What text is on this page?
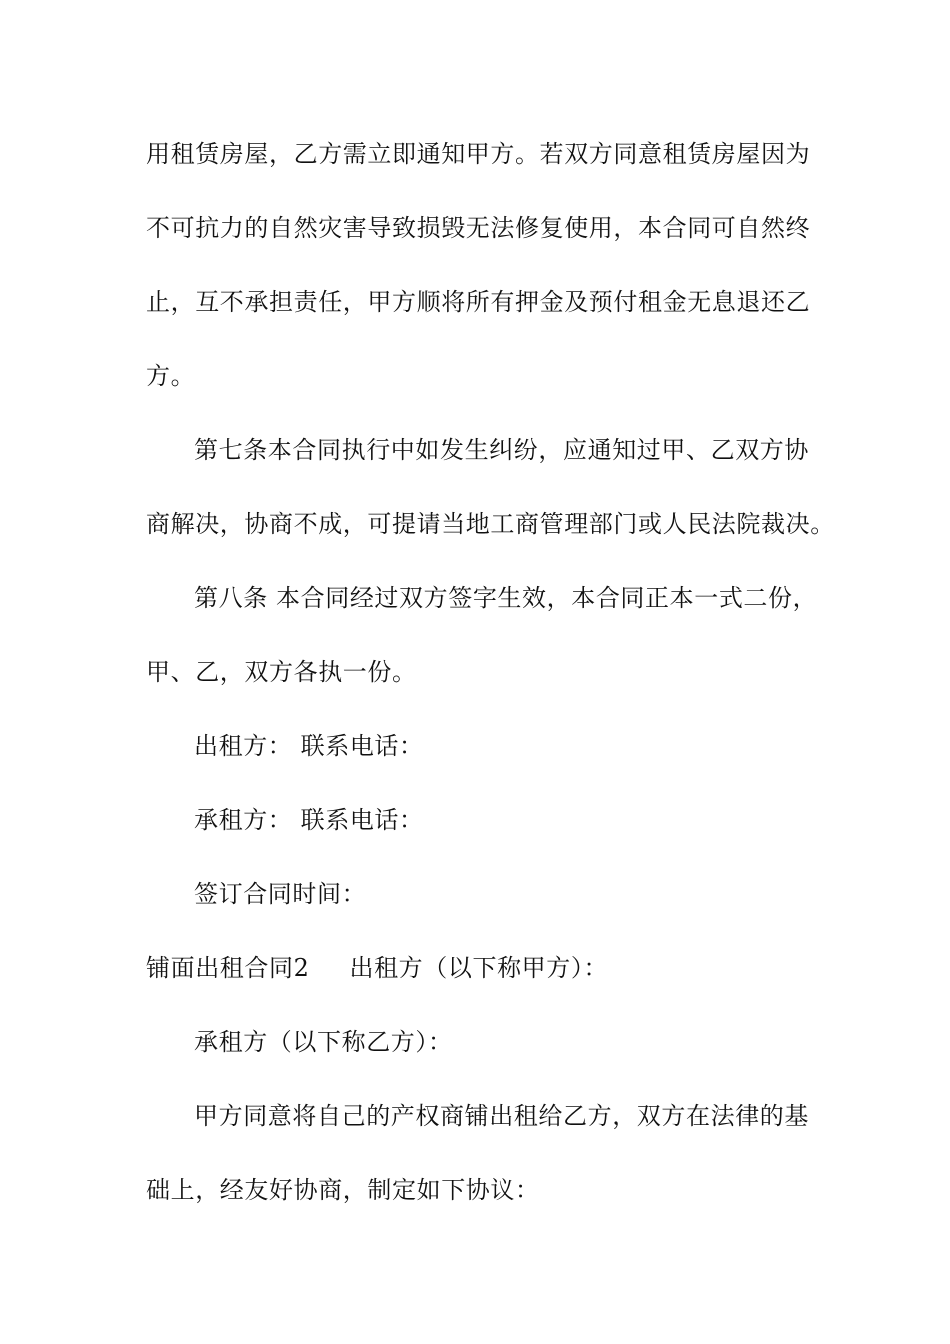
用租赁房屋，乙方需立即通知甲方。若双方同意租赁房屋因为
不可抗力的自然灾害导致损毁无法修复使用，本合同可自然终
止，互不承担责任，甲方顺将所有押金及预付租金无息退还乙
方。
第七条本合同执行中如发生纠纷，应通知过甲、乙双方协
商解决，协商不成，可提请当地工商管理部门或人民法院裁决。
第八条 本合同经过双方签字生效，本合同正本一式二份，
甲、乙，双方各执一份。
出租方： 联系电话：
承租方： 联系电话：
签订合同时间：
铺面出租合同2 出租方（以下称甲方）：
承租方（以下称乙方）：
甲方同意将自己的产权商铺出租给乙方，双方在法律的基
础上，经友好协商，制定如下协议：
